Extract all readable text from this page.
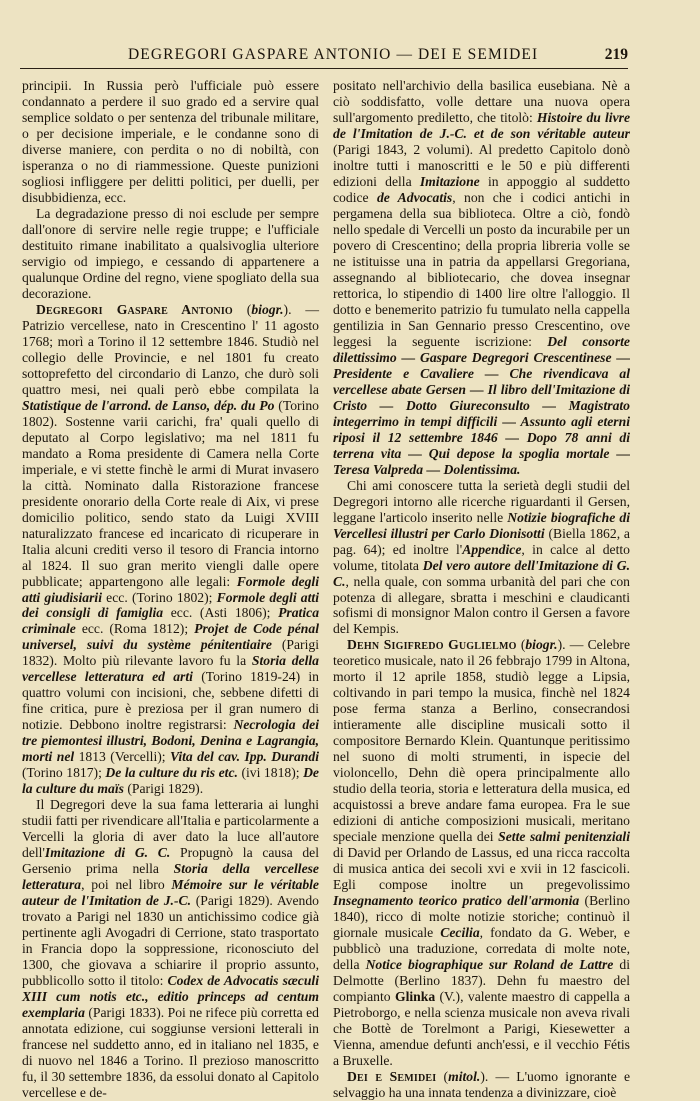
DEGREGORI GASPARE ANTONIO — DEI E SEMIDEI	219

principii. In Russia però l'ufficiale può essere condannato a perdere il suo grado ed a servire qual semplice soldato o per sentenza del tribunale militare, o per decisione imperiale, e le condanne sono di diverse maniere, con perdita o no di nobiltà, con isperanza o no di riammessione. Queste punizioni sogliosi infliggere per delitti politici, per duelli, per disubbidienza, ecc.

La degradazione presso di noi esclude per sempre dall'onore di servire nelle regie truppe; e l'ufficiale destituito rimane inabilitato a qualsivoglia ulteriore servigio od impiego, e cessando di appartenere a qualunque Ordine del regno, viene spogliato della sua decorazione.

Degregori Gaspare Antonio (biogr.). — Patrizio vercellese, nato in Crescentino l' 11 agosto 1768; morì a Torino il 12 settembre 1846. Studiò nel collegio delle Provincie, e nel 1801 fu creato sottoprefetto del circondario di Lanzo, che durò soli quattro mesi, nei quali però ebbe compilata la Statistique de l'arrond. de Lanso, dép. du Po (Torino 1802). Sostenne varii carichi, fra' quali quello di deputato al Corpo legislativo; ma nel 1811 fu mandato a Roma presidente di Camera nella Corte imperiale, e vi stette finchè le armi di Murat invasero la città. Nominato dalla Ristorazione francese presidente onorario della Corte reale di Aix, vi prese domicilio politico, sendo stato da Luigi XVIII naturalizzato francese ed incaricato di ricuperare in Italia alcuni crediti verso il tesoro di Francia intorno al 1824. Il suo gran merito viengli dalle opere pubblicate; appartengono alle legali: Formole degli atti giudisiarii ecc. (Torino 1802); Formole degli atti dei consigli di famiglia ecc. (Asti 1806); Pratica criminale ecc. (Roma 1812); Projet de Code pénal universel, suivi du système pénitentiaire (Parigi 1832). Molto più rilevante lavoro fu la Storia della vercellese letteratura ed arti (Torino 1819-24) in quattro volumi con incisioni, che, sebbene difetti di fine critica, pure è preziosa per il gran numero di notizie. Debbono inoltre registrarsi: Necrologia dei tre piemontesi illustri, Bodoni, Denina e Lagrangia, morti nel 1813 (Vercelli); Vita del cav. Ipp. Durandi (Torino 1817); De la culture du ris etc. (ivi 1818); De la culture du maïs (Parigi 1829).

Il Degregori deve la sua fama letteraria ai lunghi studii fatti per rivendicare all'Italia e particolarmente a Vercelli la gloria di aver dato la luce all'autore dell'Imitazione di G. C. Propugnò la causa del Gersenio prima nella Storia della vercellese letteratura, poi nel libro Mémoire sur le véritable auteur de l'Imitation de J.-C. (Parigi 1829). Avendo trovato a Parigi nel 1830 un antichissimo codice già pertinente agli Avogadri di Cerrione, stato trasportato in Francia dopo la soppressione, riconosciuto del 1300, che giovava a schiarire il proprio assunto, pubblicollo sotto il titolo: Codex de Advocatis sæculi XIII cum notis etc., editio princeps ad centum exemplaria (Parigi 1833). Poi ne rifece più corretta ed annotata edizione, cui soggiunse versioni letterali in francese nel suddetto anno, ed in italiano nel 1835, e di nuovo nel 1846 a Torino. Il prezioso manoscritto fu, il 30 settembre 1836, da essolui donato al Capitolo vercellese e de-

positato nell'archivio della basilica eusebiana. Nè a ciò soddisfatto, volle dettare una nuova opera sull'argomento prediletto, che titolò: Histoire du livre de l'Imitation de J.-C. et de son véritable auteur (Parigi 1843, 2 volumi). Al predetto Capitolo donò inoltre tutti i manoscritti e le 50 e più differenti edizioni della Imitazione in appoggio al suddetto codice de Advocatis, non che i codici antichi in pergamena della sua biblioteca. Oltre a ciò, fondò nello spedale di Vercelli un posto da incurabile per un povero di Crescentino; della propria libreria volle se ne istituisse una in patria da appellarsi Gregoriana, assegnando al bibliotecario, che dovea insegnar rettorica, lo stipendio di 1400 lire oltre l'alloggio. Il dotto e benemerito patrizio fu tumulato nella cappella gentilizia in San Gennario presso Crescentino, ove leggesi la seguente iscrizione: Del consorte dilettissimo — Gaspare Degregori Crescentinese — Presidente e Cavaliere — Che rivendicava al vercellese abate Gersen — Il libro dell'Imitazione di Cristo — Dotto Giureconsulto — Magistrato integerrimo in tempi difficili — Assunto agli eterni riposi il 12 settembre 1846 — Dopo 78 anni di terrena vita — Qui depose la spoglia mortale — Teresa Valpreda — Dolentissima.

Chi ami conoscere tutta la serietà degli studii del Degregori intorno alle ricerche riguardanti il Gersen, leggane l'articolo inserito nelle Notizie biografiche di Vercellesi illustri per Carlo Dionisotti (Biella 1862, a pag. 64); ed inoltre l'Appendice, in calce al detto volume, titolata Del vero autore dell'Imitazione di G. C., nella quale, con somma urbanità del pari che con potenza di allegare, sbratta i meschini e claudicanti sofismi di monsignor Malon contro il Gersen a favore del Kempis.

Dehn Sigifredo Guglielmo (biogr.). — Celebre teoretico musicale, nato il 26 febbrajo 1799 in Altona, morto il 12 aprile 1858, studiò legge a Lipsia, coltivando in pari tempo la musica, finchè nel 1824 pose ferma stanza a Berlino, consecrandosi intieramente alle discipline musicali sotto il compositore Bernardo Klein. Quantunque peritissimo nel suono di molti strumenti, in ispecie del violoncello, Dehn diè opera principalmente allo studio della teoria, storia e letteratura della musica, ed acquistossi a breve andare fama europea. Fra le sue edizioni di antiche composizioni musicali, meritano speciale menzione quella dei Sette salmi penitenziali di David per Orlando de Lassus, ed una ricca raccolta di musica antica dei secoli xvi e xvii in 12 fascicoli. Egli compose inoltre un pregevolissimo Insegnamento teorico pratico dell'armonia (Berlino 1840), ricco di molte notizie storiche; continuò il giornale musicale Cecilia, fondato da G. Weber, e pubblicò una traduzione, corredata di molte note, della Notice biographique sur Roland de Lattre di Delmotte (Berlino 1837). Dehn fu maestro del compianto Glinka (V.), valente maestro di cappella a Pietroborgo, e nella scienza musicale non aveva rivali che Bottè de Torelmont a Parigi, Kiesewetter a Vienna, amendue defunti anch'essi, e il vecchio Fétis a Bruxelle.

Dei e Semidei (mitol.). — L'uomo ignorante e selvaggio ha una innata tendenza a divinizzare, cioè
